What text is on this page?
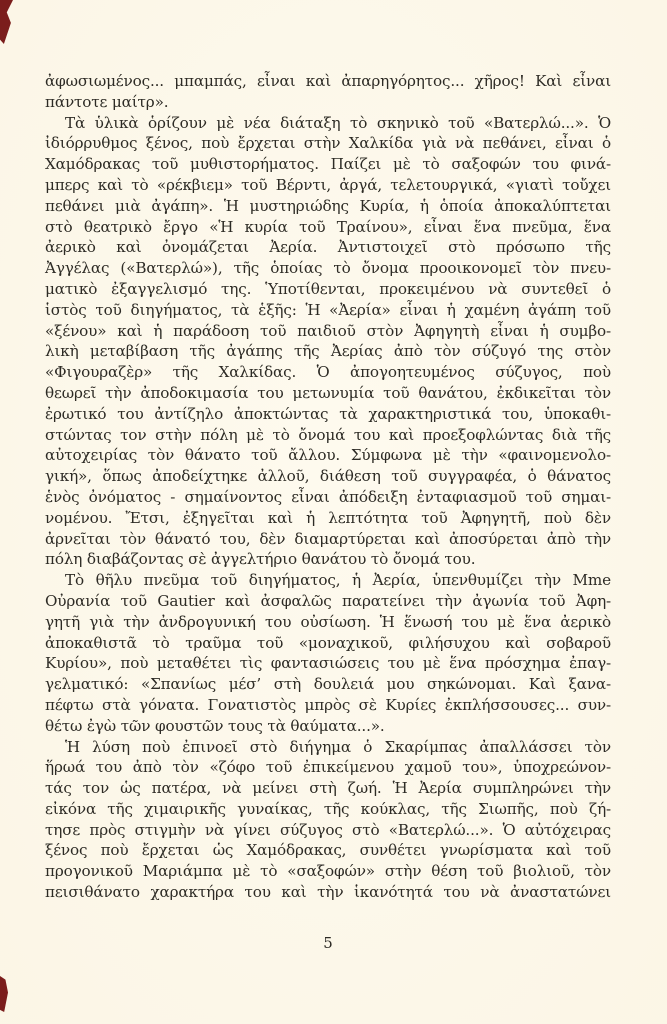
ἀφωσιωμένος... μπαμπάς, εἶναι καὶ ἀπαρηγόρητος... χῆρος! Καὶ εἶναι
πάντοτε μαίτρ».

Τὰ ὑλικὰ ὁρίζουν μὲ νέα διάταξη τὸ σκηνικὸ τοῦ «Βατερλώ...». Ὁ
ἰδιόρρυθμος ξένος, ποὺ ἔρχεται στὴν Χαλκίδα γιὰ νὰ πεθάνει, εἶναι ὁ
Χαμόδρακας τοῦ μυθιστορήματος. Παίζει μὲ τὸ σαξοφών του φινά-
μπερς καὶ τὸ «ρέκβιεμ» τοῦ Βέρντι, ἀργά, τελετουργικά, «γιατὶ τοὔχει
πεθάνει μιὰ ἀγάπη». Ἡ μυστηριώδης Κυρία, ἡ ὁποία ἀποκαλύπτεται
στὸ θεατρικὸ ἔργο «Ἡ κυρία τοῦ Τραίνου», εἶναι ἕνα πνεῦμα, ἕνα
ἀερικὸ καὶ ὀνομάζεται Ἀερία. Ἀντιστοιχεῖ στὸ πρόσωπο τῆς
Ἀγγέλας («Βατερλώ»), τῆς ὁποίας τὸ ὄνομα προοικονομεῖ τὸν πνευ-
ματικὸ ἐξαγγελισμό της. Ὑποτίθενται, προκειμένου νὰ συντεθεῖ ὁ
ἱστὸς τοῦ διηγήματος, τὰ ἑξῆς: Ἡ «Ἀερία» εἶναι ἡ χαμένη ἀγάπη τοῦ
«ξένου» καὶ ἡ παράδοση τοῦ παιδιοῦ στὸν Ἀφηγητὴ εἶναι ἡ συμβο-
λικὴ μεταβίβαση τῆς ἀγάπης τῆς Ἀερίας ἀπὸ τὸν σύζυγό της στὸν
«Φιγουραζὲρ» τῆς Χαλκίδας. Ὁ ἀπογοητευμένος σύζυγος, ποὺ
θεωρεῖ τὴν ἀποδοκιμασία του μετωνυμία τοῦ θανάτου, ἐκδικεῖται τὸν
ἐρωτικό του ἀντίζηλο ἀποκτώντας τὰ χαρακτηριστικά του, ὑποκαθι-
στώντας τον στὴν πόλη μὲ τὸ ὄνομά του καὶ προεξοφλώντας διὰ τῆς
αὐτοχειρίας τὸν θάνατο τοῦ ἄλλου. Σύμφωνα μὲ τὴν «φαινομενολο-
γική», ὅπως ἀποδείχτηκε ἀλλοῦ, διάθεση τοῦ συγγραφέα, ὁ θάνατος
ἑνὸς ὀνόματος - σημαίνοντος εἶναι ἀπόδειξη ἐνταφιασμοῦ τοῦ σημαι-
νομένου. Ἔτσι, ἐξηγεῖται καὶ ἡ λεπτότητα τοῦ Ἀφηγητῆ, ποὺ δὲν
ἀρνεῖται τὸν θάνατό του, δὲν διαμαρτύρεται καὶ ἀποσύρεται ἀπὸ τὴν
πόλη διαβάζοντας σὲ ἀγγελτήριο θανάτου τὸ ὄνομά του.

Τὸ θῆλυ πνεῦμα τοῦ διηγήματος, ἡ Ἀερία, ὑπενθυμίζει τὴν Mme
Οὐρανία τοῦ Gautier καὶ ἀσφαλῶς παρατείνει τὴν ἀγωνία τοῦ Ἀφη-
γητῆ γιὰ τὴν ἀνδρογυνική του οὐσίωση. Ἡ ἕνωσή του μὲ ἕνα ἀερικὸ
ἀποκαθιστᾶ τὸ τραῦμα τοῦ «μοναχικοῦ, φιλήσυχου καὶ σοβαροῦ
Κυρίου», ποὺ μεταθέτει τὶς φαντασιώσεις του μὲ ἕνα πρόσχημα ἐπαγ-
γελματικό: «Σπανίως μέσ’ στὴ δουλειά μου σηκώνομαι. Καὶ ξανα-
πέφτω στὰ γόνατα. Γονατιστὸς μπρὸς σὲ Κυρίες ἐκπλήσσουσες... συν-
θέτω ἐγὼ τῶν φουστῶν τους τὰ θαύματα...».

Ἡ λύση ποὺ ἐπινοεῖ στὸ διήγημα ὁ Σκαρίμπας ἀπαλλάσσει τὸν
ἥρωά του ἀπὸ τὸν «ζόφο τοῦ ἐπικείμενου χαμοῦ του», ὑποχρεώνον-
τάς τον ὡς πατέρα, νὰ μείνει στὴ ζωή. Ἡ Ἀερία συμπληρώνει τὴν
εἰκόνα τῆς χιμαιρικῆς γυναίκας, τῆς κούκλας, τῆς Σιωπῆς, ποὺ ζή-
τησε πρὸς στιγμὴν νὰ γίνει σύζυγος στὸ «Βατερλώ...». Ὁ αὐτόχειρας
ξένος ποὺ ἔρχεται ὡς Χαμόδρακας, συνθέτει γνωρίσματα καὶ τοῦ
προγονικοῦ Μαριάμπα μὲ τὸ «σαξοφών» στὴν θέση τοῦ βιολιοῦ, τὸν
πεισιθάνατο χαρακτήρα του καὶ τὴν ἱκανότητά του νὰ ἀναστατώνει

5
